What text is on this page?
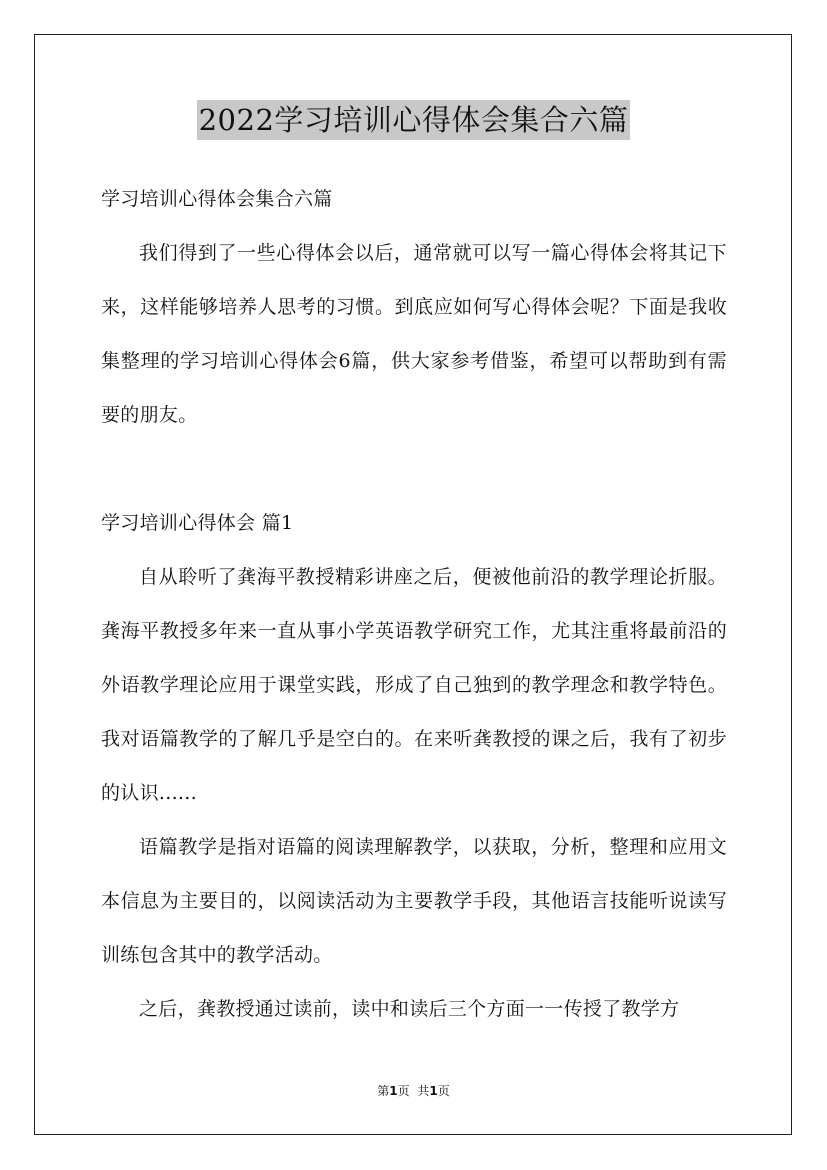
2022学习培训心得体会集合六篇

学习培训心得体会集合六篇

我们得到了一些心得体会以后，通常就可以写一篇心得体会将其记下来，这样能够培养人思考的习惯。到底应如何写心得体会呢？下面是我收集整理的学习培训心得体会6篇，供大家参考借鉴，希望可以帮助到有需要的朋友。

学习培训心得体会 篇1

自从聆听了龚海平教授精彩讲座之后，便被他前沿的教学理论折服。龚海平教授多年来一直从事小学英语教学研究工作，尤其注重将最前沿的外语教学理论应用于课堂实践，形成了自己独到的教学理念和教学特色。我对语篇教学的了解几乎是空白的。在来听龚教授的课之后，我有了初步的认识......

语篇教学是指对语篇的阅读理解教学，以获取，分析，整理和应用文本信息为主要目的，以阅读活动为主要教学手段，其他语言技能听说读写训练包含其中的教学活动。

之后，龚教授通过读前，读中和读后三个方面一一传授了教学方

第1页 共1页
